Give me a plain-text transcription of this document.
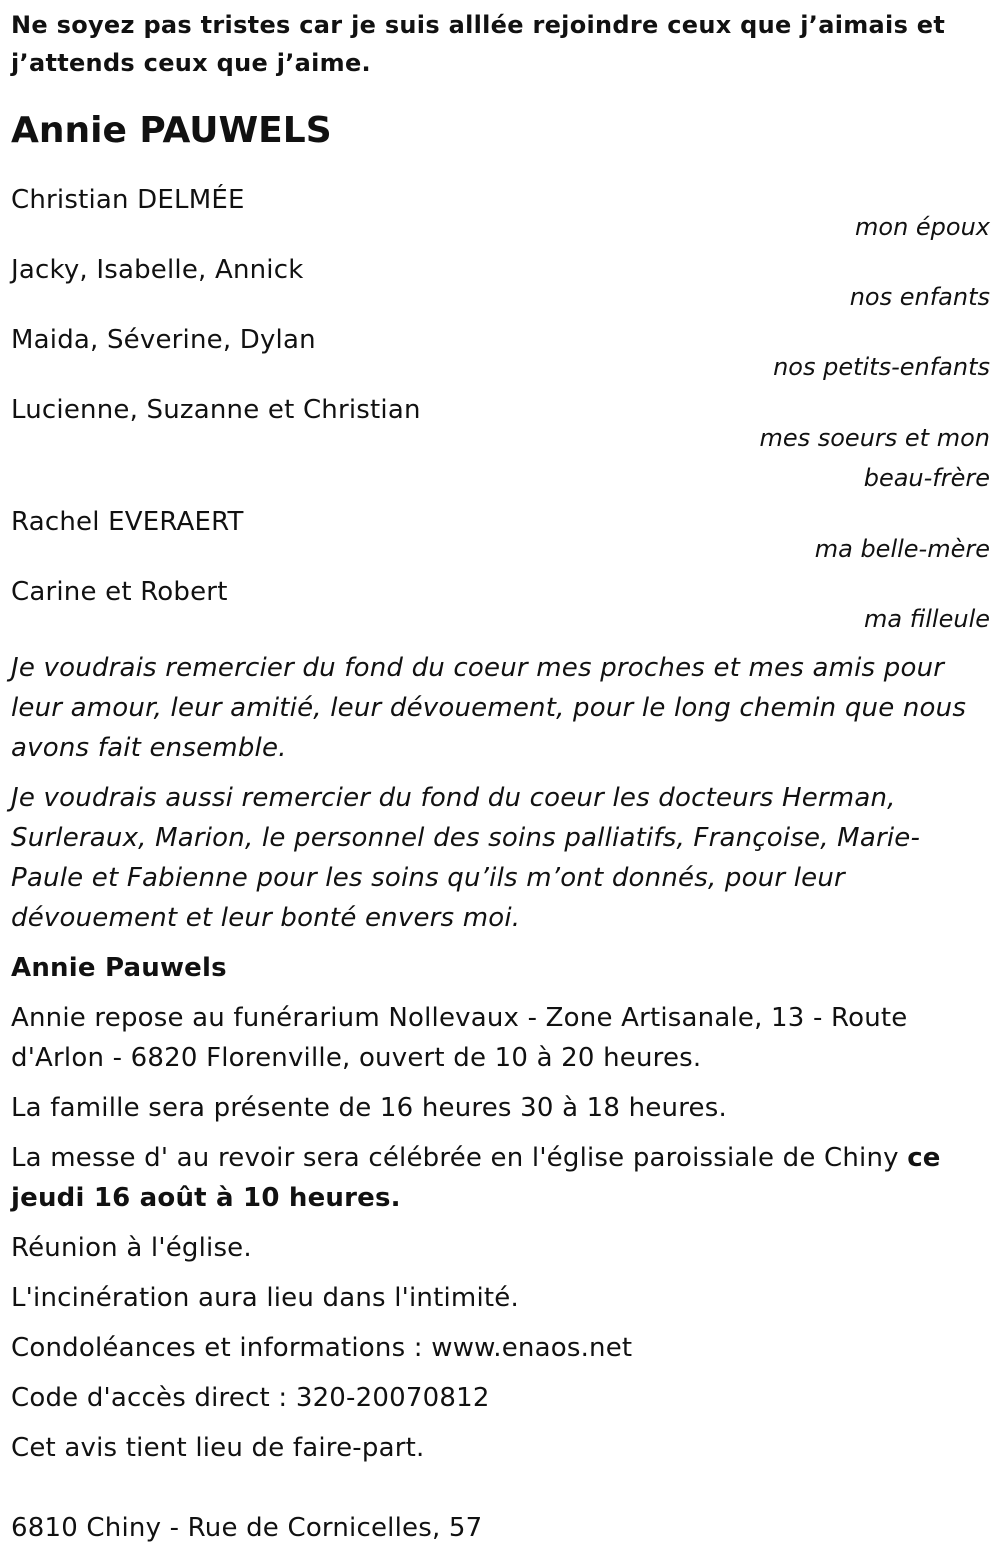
Ne soyez pas tristes car je suis alllée rejoindre ceux que j’aimais et j’attends ceux que j’aime.

Annie PAUWELS
Christian DELMÉE
mon époux
Jacky, Isabelle, Annick
nos enfants
Maida, Séverine, Dylan
nos petits-enfants
Lucienne, Suzanne et Christian
mes soeurs et mon beau-frère
Rachel EVERAERT
ma belle-mère
Carine et Robert
ma filleule

Je voudrais remercier du fond du coeur mes proches et mes amis pour leur amour, leur amitié, leur dévouement, pour le long chemin que nous avons fait ensemble.

Je voudrais aussi remercier du fond du coeur les docteurs Herman, Surleraux, Marion, le personnel des soins palliatifs, Françoise, Marie-Paule et Fabienne pour les soins qu’ils m’ont donnés, pour leur dévouement et leur bonté envers moi.

Annie Pauwels

Annie repose au funérarium Nollevaux - Zone Artisanale, 13 - Route d'Arlon - 6820 Florenville, ouvert de 10 à 20 heures.

La famille sera présente de 16 heures 30 à 18 heures.

La messe d' au revoir sera célébrée en l'église paroissiale de Chiny ce jeudi 16 août à 10 heures.

Réunion à l'église.

L'incinération aura lieu dans l'intimité.

Condoléances et informations : www.enaos.net

Code d'accès direct : 320-20070812

Cet avis tient lieu de faire-part.

6810 Chiny - Rue de Cornicelles, 57
